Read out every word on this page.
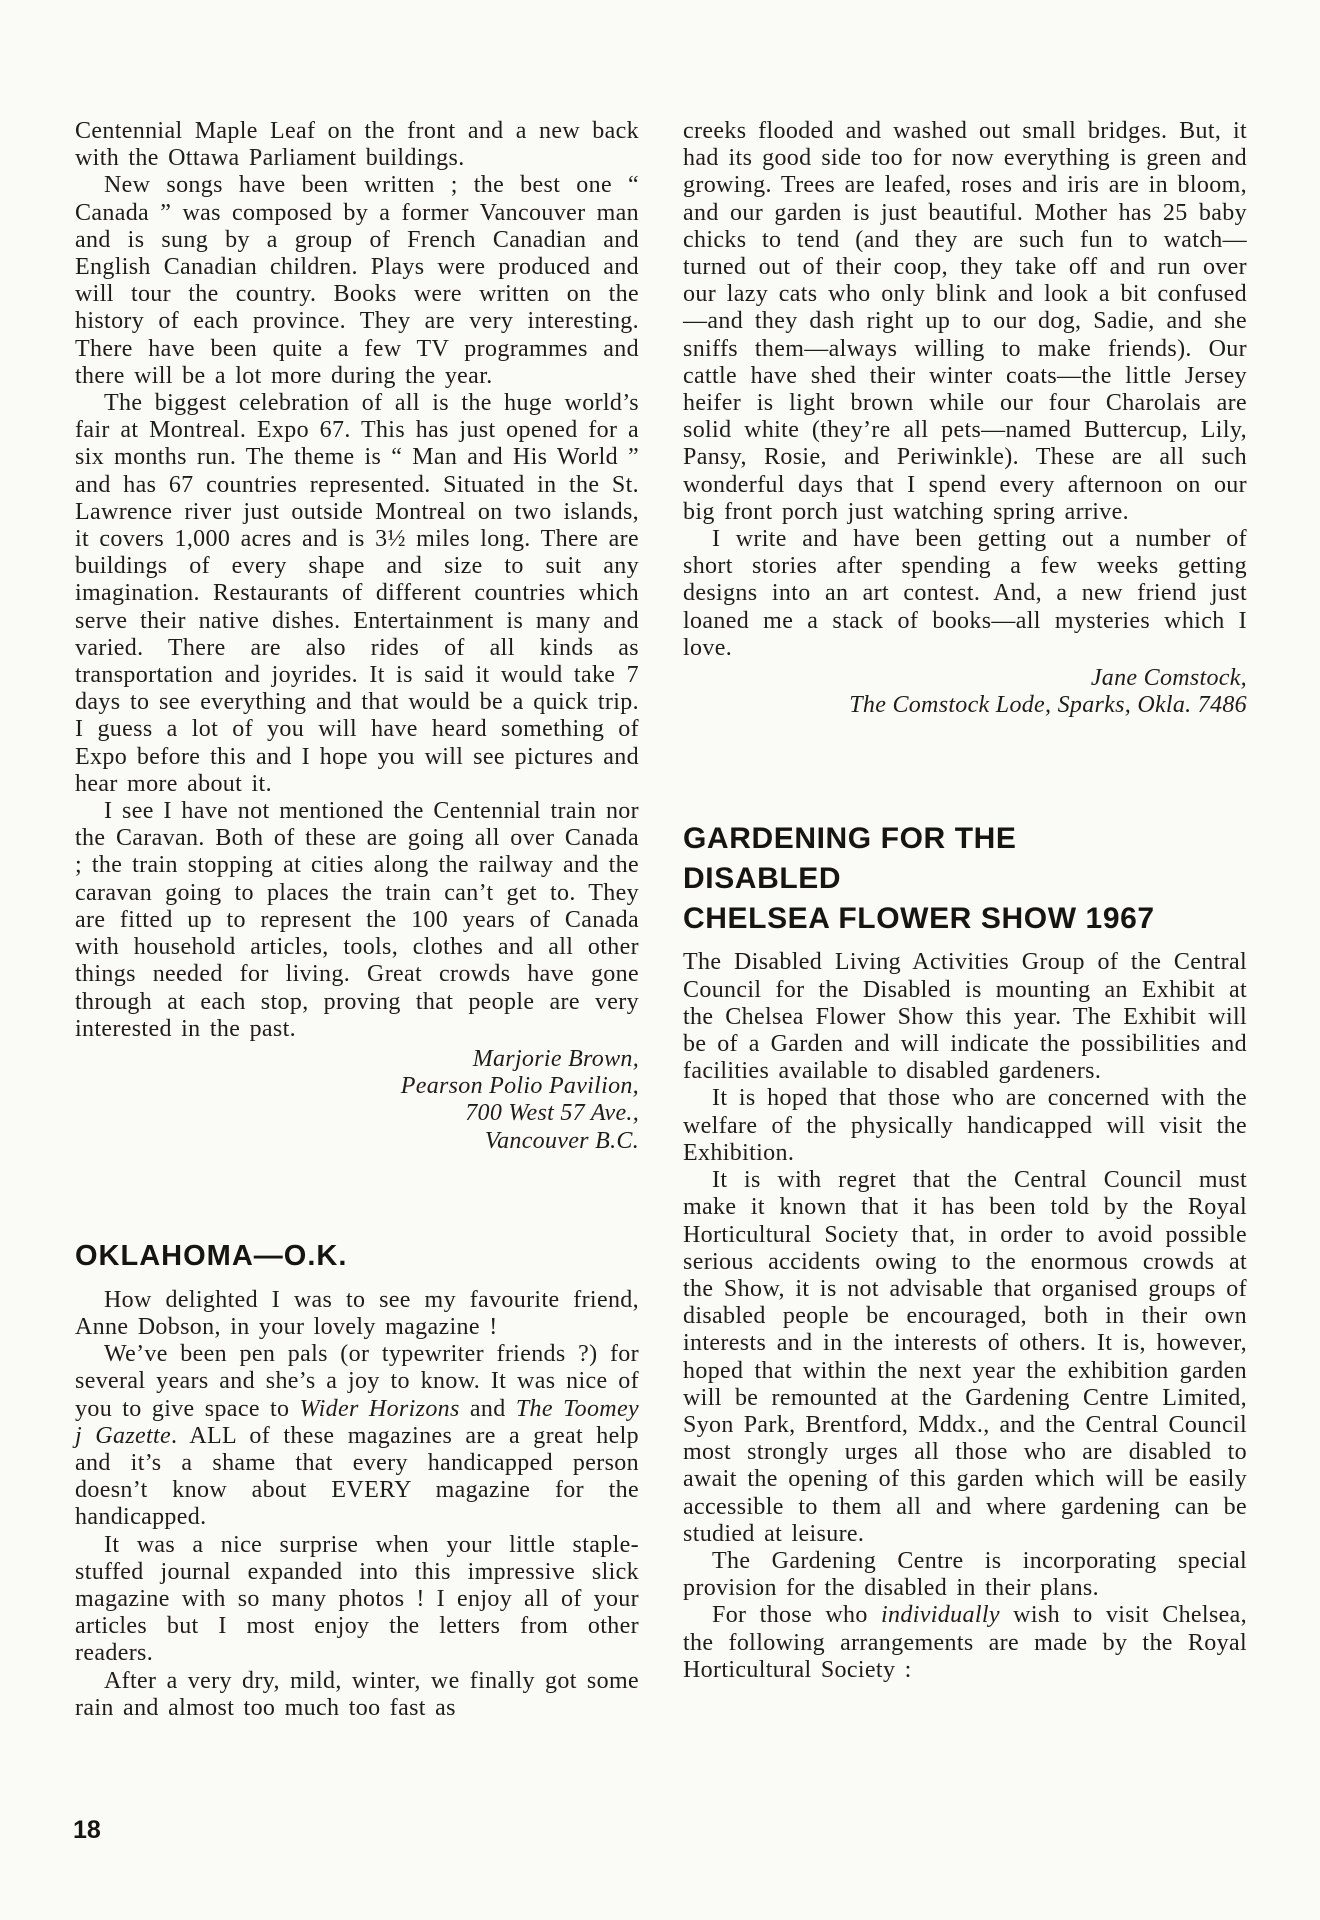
Centennial Maple Leaf on the front and a new back with the Ottawa Parliament buildings.

New songs have been written ; the best one “ Canada ” was composed by a former Vancouver man and is sung by a group of French Canadian and English Canadian children. Plays were produced and will tour the country. Books were written on the history of each province. They are very interesting. There have been quite a few TV programmes and there will be a lot more during the year.

The biggest celebration of all is the huge world’s fair at Montreal. Expo 67. This has just opened for a six months run. The theme is “ Man and His World ” and has 67 countries represented. Situated in the St. Lawrence river just outside Montreal on two islands, it covers 1,000 acres and is 3½ miles long. There are buildings of every shape and size to suit any imagination. Restaurants of different countries which serve their native dishes. Entertainment is many and varied. There are also rides of all kinds as transportation and joyrides. It is said it would take 7 days to see everything and that would be a quick trip. I guess a lot of you will have heard something of Expo before this and I hope you will see pictures and hear more about it.

I see I have not mentioned the Centennial train nor the Caravan. Both of these are going all over Canada ; the train stopping at cities along the railway and the caravan going to places the train can’t get to. They are fitted up to represent the 100 years of Canada with household articles, tools, clothes and all other things needed for living. Great crowds have gone through at each stop, proving that people are very interested in the past.

Marjorie Brown,
Pearson Polio Pavilion,
700 West 57 Ave.,
Vancouver B.C.
OKLAHOMA—O.K.

How delighted I was to see my favourite friend, Anne Dobson, in your lovely magazine !

We’ve been pen pals (or typewriter friends ?) for several years and she’s a joy to know. It was nice of you to give space to Wider Horizons and The Toomey j Gazette. ALL of these magazines are a great help and it’s a shame that every handicapped person doesn’t know about EVERY magazine for the handicapped.

It was a nice surprise when your little staple-stuffed journal expanded into this impressive slick magazine with so many photos ! I enjoy all of your articles but I most enjoy the letters from other readers.

After a very dry, mild, winter, we finally got some rain and almost too much too fast as

creeks flooded and washed out small bridges. But, it had its good side too for now everything is green and growing. Trees are leafed, roses and iris are in bloom, and our garden is just beautiful. Mother has 25 baby chicks to tend (and they are such fun to watch—turned out of their coop, they take off and run over our lazy cats who only blink and look a bit confused—and they dash right up to our dog, Sadie, and she sniffs them—always willing to make friends). Our cattle have shed their winter coats—the little Jersey heifer is light brown while our four Charolais are solid white (they’re all pets—named Buttercup, Lily, Pansy, Rosie, and Periwinkle). These are all such wonderful days that I spend every afternoon on our big front porch just watching spring arrive.

I write and have been getting out a number of short stories after spending a few weeks getting designs into an art contest. And, a new friend just loaned me a stack of books—all mysteries which I love.

Jane Comstock,
The Comstock Lode, Sparks, Okla. 7486
GARDENING FOR THE
DISABLED
CHELSEA FLOWER SHOW 1967

The Disabled Living Activities Group of the Central Council for the Disabled is mounting an Exhibit at the Chelsea Flower Show this year. The Exhibit will be of a Garden and will indicate the possibilities and facilities available to disabled gardeners.

It is hoped that those who are concerned with the welfare of the physically handicapped will visit the Exhibition.

It is with regret that the Central Council must make it known that it has been told by the Royal Horticultural Society that, in order to avoid possible serious accidents owing to the enormous crowds at the Show, it is not advisable that organised groups of disabled people be encouraged, both in their own interests and in the interests of others. It is, however, hoped that within the next year the exhibition garden will be remounted at the Gardening Centre Limited, Syon Park, Brentford, Mddx., and the Central Council most strongly urges all those who are disabled to await the opening of this garden which will be easily accessible to them all and where gardening can be studied at leisure.

The Gardening Centre is incorporating special provision for the disabled in their plans.

For those who individually wish to visit Chelsea, the following arrangements are made by the Royal Horticultural Society :

18
